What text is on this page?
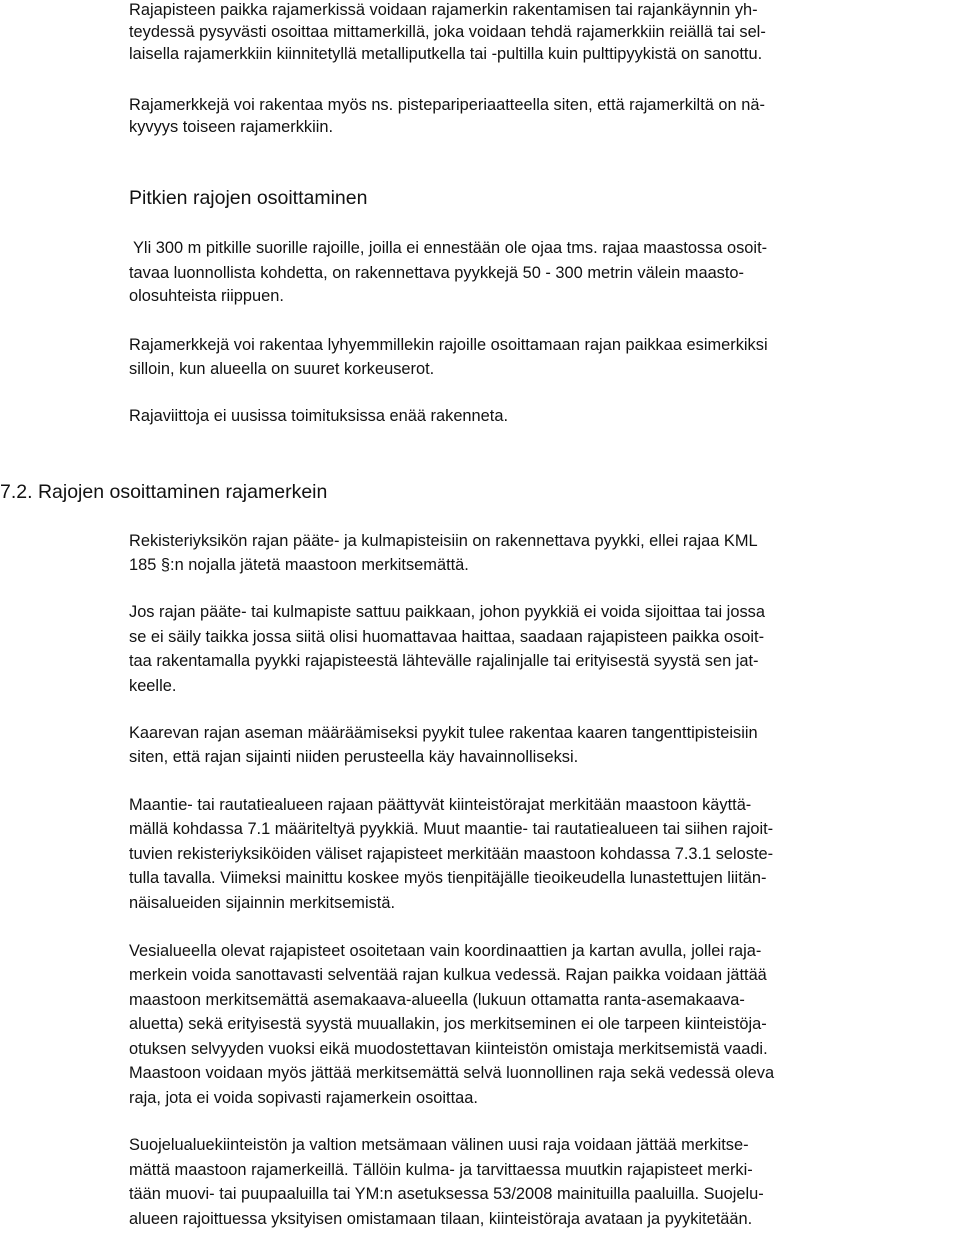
Rajapisteen paikka rajamerkissä voidaan rajamerkin rakentamisen tai rajankäynnin yh-
teydessä pysyvästi osoittaa mittamerkillä, joka voidaan tehdä rajamerkkiin reiällä tai sel-
laisella rajamerkkiin kiinnitetyllä metalliputkella tai -pultilla kuin pulttipyykistä on sanottu.
Rajamerkkejä voi rakentaa myös ns. pistepariperiaatteella siten, että rajamerkiltä on nä-
kyvyys toiseen rajamerkkiin.
Pitkien rajojen osoittaminen
Yli 300 m pitkille suorille rajoille, joilla ei ennestään ole ojaa tms. rajaa maastossa osoit-
tavaa luonnollista kohdetta, on rakennettava pyykkejä 50 - 300 metrin välein maasto-
olosuhteista riippuen.
Rajamerkkejä voi rakentaa lyhyemmillekin rajoille osoittamaan rajan paikkaa esimerkiksi
silloin, kun alueella on suuret korkeuserot.
Rajaviittoja ei uusissa toimituksissa enää rakenneta.
7.2. Rajojen osoittaminen rajamerkein
Rekisteriyksikön rajan pääte- ja kulmapisteisiin on rakennettava pyykki, ellei rajaa KML
185 §:n nojalla jätetä maastoon merkitsemättä.
Jos rajan pääte- tai kulmapiste sattuu paikkaan, johon pyykkiä ei voida sijoittaa tai jossa
se ei säily taikka jossa siitä olisi huomattavaa haittaa, saadaan rajapisteen paikka osoit-
taa rakentamalla pyykki rajapisteestä lähtevälle rajalinjalle tai erityisestä syystä sen jat-
keelle.
Kaarevan rajan aseman määräämiseksi pyykit tulee rakentaa kaaren tangenttipisteisiin
siten, että rajan sijainti niiden perusteella käy havainnolliseksi.
Maantie- tai rautatiealueen rajaan päättyvät kiinteistörajat merkitään maastoon käyttä-
mällä kohdassa 7.1 määriteltyä pyykkiä. Muut maantie- tai rautatiealueen tai siihen rajoit-
tuvien rekisteriyksiköiden väliset rajapisteet merkitään maastoon kohdassa 7.3.1 seloste-
tulla tavalla. Viimeksi mainittu koskee myös tienpitäjälle tieoikeudella lunastettujen liitän-
näisalueiden sijainnin merkitsemistä.
Vesialueella olevat rajapisteet osoitetaan vain koordinaattien ja kartan avulla, jollei raja-
merkein voida sanottavasti selventää rajan kulkua vedessä. Rajan paikka voidaan jättää
maastoon merkitsemättä asemakaava-alueella (lukuun ottamatta ranta-asemakaava-
aluetta) sekä erityisestä syystä muuallakin, jos merkitseminen ei ole tarpeen kiinteistöja-
otuksen selvyyden vuoksi eikä muodostettavan kiinteistön omistaja merkitsemistä vaadi.
Maastoon voidaan myös jättää merkitsemättä selvä luonnollinen raja sekä vedessä oleva
raja, jota ei voida sopivasti rajamerkein osoittaa.
Suojelualuekiinteistön ja valtion metsämaan välinen uusi raja voidaan jättää merkitse-
mättä maastoon rajamerkeillä. Tällöin kulma- ja tarvittaessa muutkin rajapisteet merki-
tään muovi- tai puupaaluilla tai YM:n asetuksessa 53/2008 mainituilla paaluilla. Suojelu-
alueen rajoittuessa yksityisen omistamaan tilaan, kiinteistöraja avataan ja pyykitetään.
